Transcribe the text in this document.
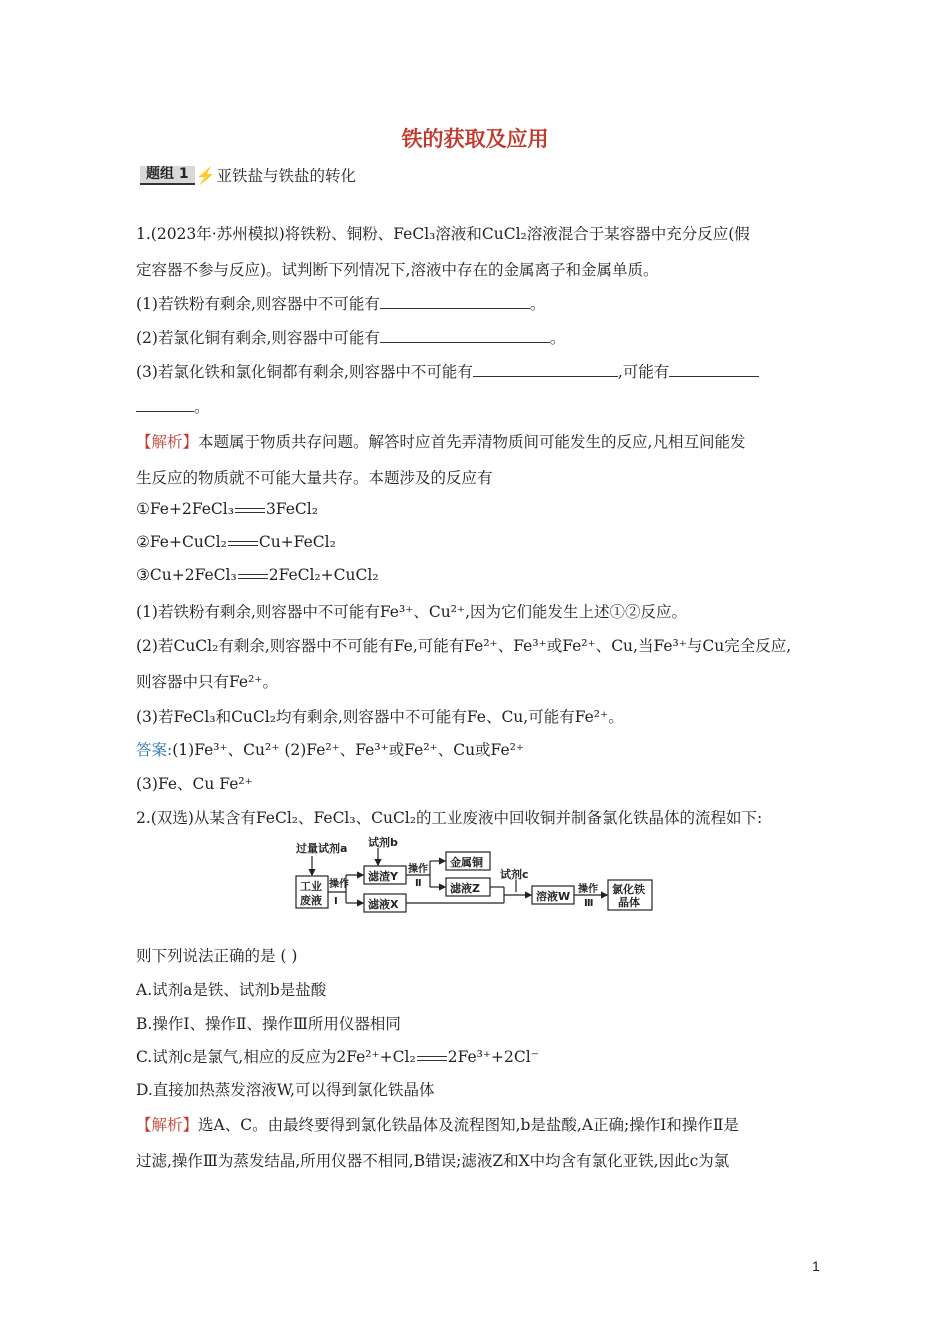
铁的获取及应用
题组 1 ⚡ 亚铁盐与铁盐的转化
1.(2023年·苏州模拟)将铁粉、铜粉、FeCl₃溶液和CuCl₂溶液混合于某容器中充分反应(假
定容器不参与反应)。试判断下列情况下,溶液中存在的金属离子和金属单质。
(1)若铁粉有剩余,则容器中不可能有	。
(2)若氯化铜有剩余,则容器中可能有	。
(3)若氯化铁和氯化铜都有剩余,则容器中不可能有	,可能有
。
【解析】本题属于物质共存问题。解答时应首先弄清物质间可能发生的反应,凡相互间能发
生反应的物质就不可能大量共存。本题涉及的反应有
①Fe+2FeCl₃ 3FeCl₂
②Fe+CuCl₂ Cu+FeCl₂
③Cu+2FeCl₃ 2FeCl₂+CuCl₂
(1)若铁粉有剩余,则容器中不可能有Fe³⁺、Cu²⁺,因为它们能发生上述①②反应。
(2)若CuCl₂有剩余,则容器中不可能有Fe,可能有Fe²⁺、Fe³⁺或Fe²⁺、Cu,当Fe³⁺与Cu完全反应,
则容器中只有Fe²⁺。
(3)若FeCl₃和CuCl₂均有剩余,则容器中不可能有Fe、Cu,可能有Fe²⁺。
答案:(1)Fe³⁺、Cu²⁺ (2)Fe²⁺、Fe³⁺或Fe²⁺、Cu或Fe²⁺
(3)Fe、Cu Fe²⁺
2.(双选)从某含有FeCl₂、FeCl₃、CuCl₂的工业废液中回收铜并制备氯化铁晶体的流程如下:
过量试剂a 试剂b
试剂c
工业
废液
操作
Ⅰ
滤渣Y
滤液X
操作
Ⅱ
金属铜
滤液Z
溶液W
操作
Ⅲ
氯化铁
晶体
则下列说法正确的是 ( )
A.试剂a是铁、试剂b是盐酸
B.操作Ⅰ、操作Ⅱ、操作Ⅲ所用仪器相同
C.试剂c是氯气,相应的反应为2Fe²⁺+Cl₂ 2Fe³⁺+2Cl⁻
D.直接加热蒸发溶液W,可以得到氯化铁晶体
【解析】选A、C。由最终要得到氯化铁晶体及流程图知,b是盐酸,A正确;操作Ⅰ和操作Ⅱ是
过滤,操作Ⅲ为蒸发结晶,所用仪器不相同,B错误;滤液Z和X中均含有氯化亚铁,因此c为氯
1
